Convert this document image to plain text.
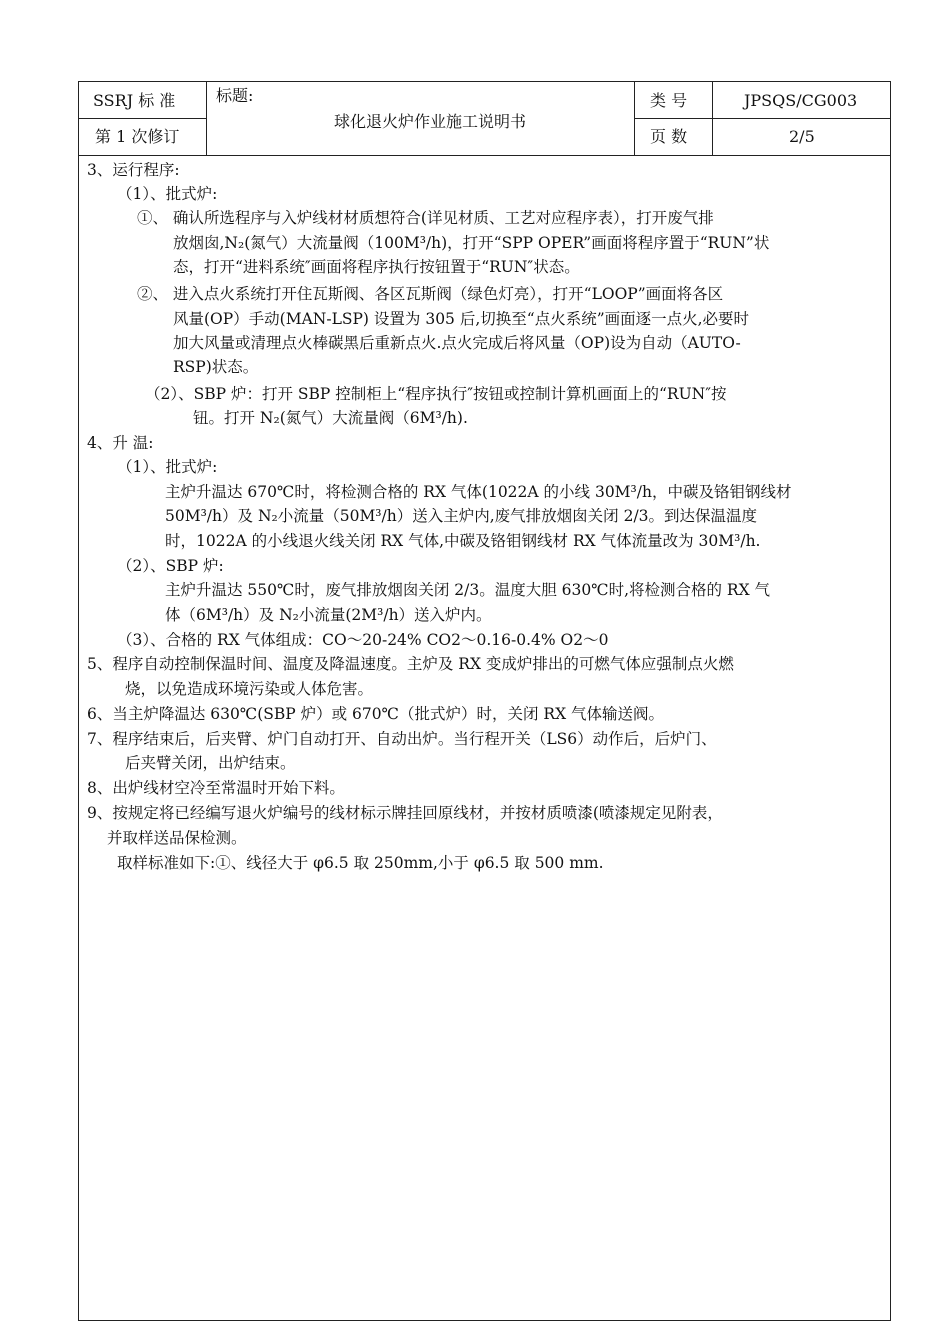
SSRJ 标 准
第 1 次修订
标题:
球化退火炉作业施工说明书
类 号	JPSQS/CG003
页 数	2/5
3、运行程序:
（1）、批式炉:
①、 确认所选程序与入炉线材材质想符合(详见材质、工艺对应程序表），打开废气排
放烟囱,N₂(氮气）大流量阀（100M³/h)，打开“SPP OPER”画面将程序置于“RUN”状
态，打开“进料系统″画面将程序执行按钮置于“RUN″状态。
②、 进入点火系统打开住瓦斯阀、各区瓦斯阀（绿色灯亮），打开“LOOP”画面将各区
风量(OP）手动(MAN-LSP) 设置为 305 后,切换至“点火系统”画面逐一点火,必要时
加大风量或清理点火棒碳黑后重新点火.点火完成后将风量（OP)设为自动（AUTO-
RSP)状态。
（2）、SBP 炉：打开 SBP 控制柜上“程序执行″按钮或控制计算机画面上的“RUN″按
钮。打开 N₂(氮气）大流量阀（6M³/h).
4、升 温:
（1）、批式炉:
主炉升温达 670℃时，将检测合格的 RX 气体(1022A 的小线 30M³/h，中碳及铬钼钢线材
50M³/h）及 N₂小流量（50M³/h）送入主炉内,废气排放烟囱关闭 2/3。到达保温温度
时，1022A 的小线退火线关闭 RX 气体,中碳及铬钼钢线材 RX 气体流量改为 30M³/h.
（2）、SBP 炉:
主炉升温达 550℃时，废气排放烟囱关闭 2/3。温度大胆 630℃时,将检测合格的 RX 气
体（6M³/h）及 N₂小流量(2M³/h）送入炉内。
（3）、合格的 RX 气体组成：CO～20-24% CO2～0.16-0.4% O2～0
5、程序自动控制保温时间、温度及降温速度。主炉及 RX 变成炉排出的可燃气体应强制点火燃
烧，以免造成环境污染或人体危害。
6、当主炉降温达 630℃(SBP 炉）或 670℃（批式炉）时，关闭 RX 气体输送阀。
7、程序结束后，后夹臂、炉门自动打开、自动出炉。当行程开关（LS6）动作后，后炉门、
后夹臂关闭，出炉结束。
8、出炉线材空冷至常温时开始下料。
9、按规定将已经编写退火炉编号的线材标示牌挂回原线材，并按材质喷漆(喷漆规定见附表，
并取样送品保检测。
取样标准如下:①、线径大于 φ6.5 取 250mm,小于 φ6.5 取 500 mm.
